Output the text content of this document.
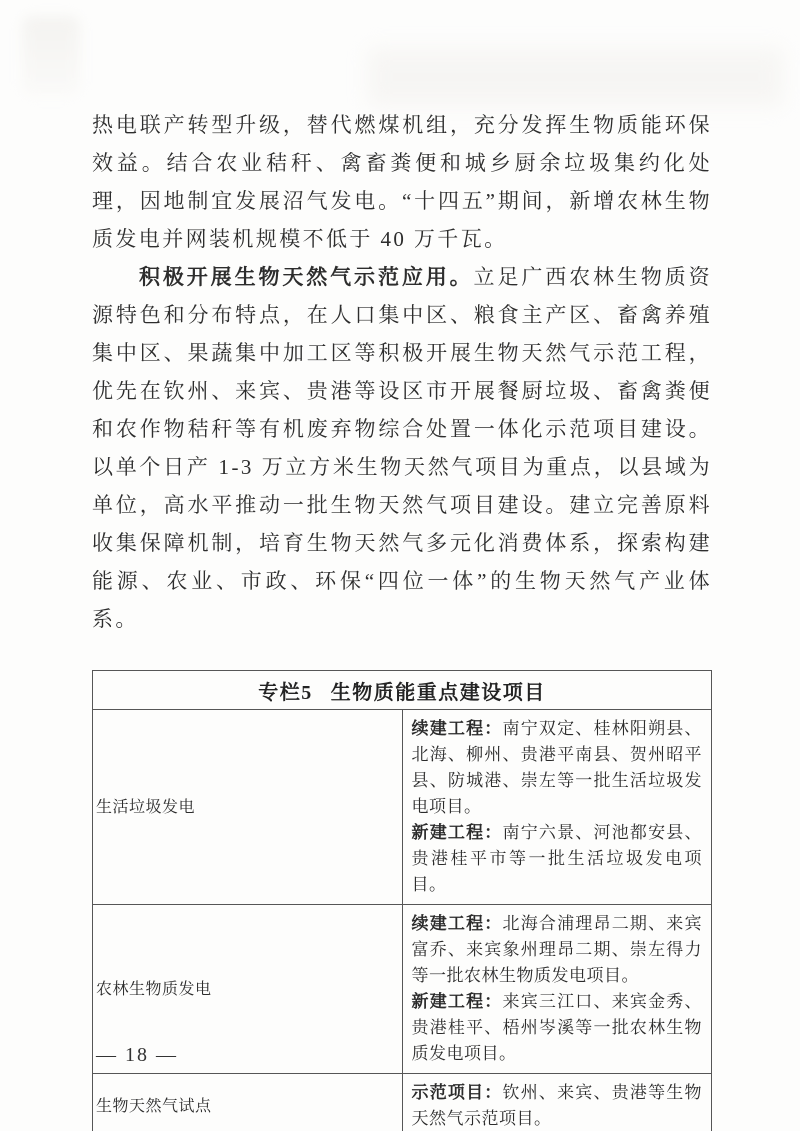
热电联产转型升级，替代燃煤机组，充分发挥生物质能环保效益。结合农业秸秆、禽畜粪便和城乡厨余垃圾集约化处理，因地制宜发展沼气发电。“十四五”期间，新增农林生物质发电并网装机规模不低于 40 万千瓦。
积极开展生物天然气示范应用。立足广西农林生物质资源特色和分布特点，在人口集中区、粮食主产区、畜禽养殖集中区、果蔬集中加工区等积极开展生物天然气示范工程，优先在钦州、来宾、贵港等设区市开展餐厨垃圾、畜禽粪便和农作物秸秆等有机废弃物综合处置一体化示范项目建设。以单个日产 1-3 万立方米生物天然气项目为重点，以县域为单位，高水平推动一批生物天然气项目建设。建立完善原料收集保障机制，培育生物天然气多元化消费体系，探索构建能源、农业、市政、环保“四位一体”的生物天然气产业体系。
专栏5 生物质能重点建设项目	
生活垃圾发电	续建工程：南宁双定、桂林阳朔县、北海、柳州、贵港平南县、贺州昭平县、防城港、崇左等一批生活垃圾发电项目。
新建工程：南宁六景、河池都安县、贵港桂平市等一批生活垃圾发电项目。

农林生物质发电	续建工程：北海合浦理昂二期、来宾富乔、来宾象州理昂二期、崇左得力等一批农林生物质发电项目。
新建工程：来宾三江口、来宾金秀、贵港桂平、梧州岑溪等一批农林生物质发电项目。

生物天然气试点	示范项目：钦州、来宾、贵港等生物天然气示范项目。
— 18 —
